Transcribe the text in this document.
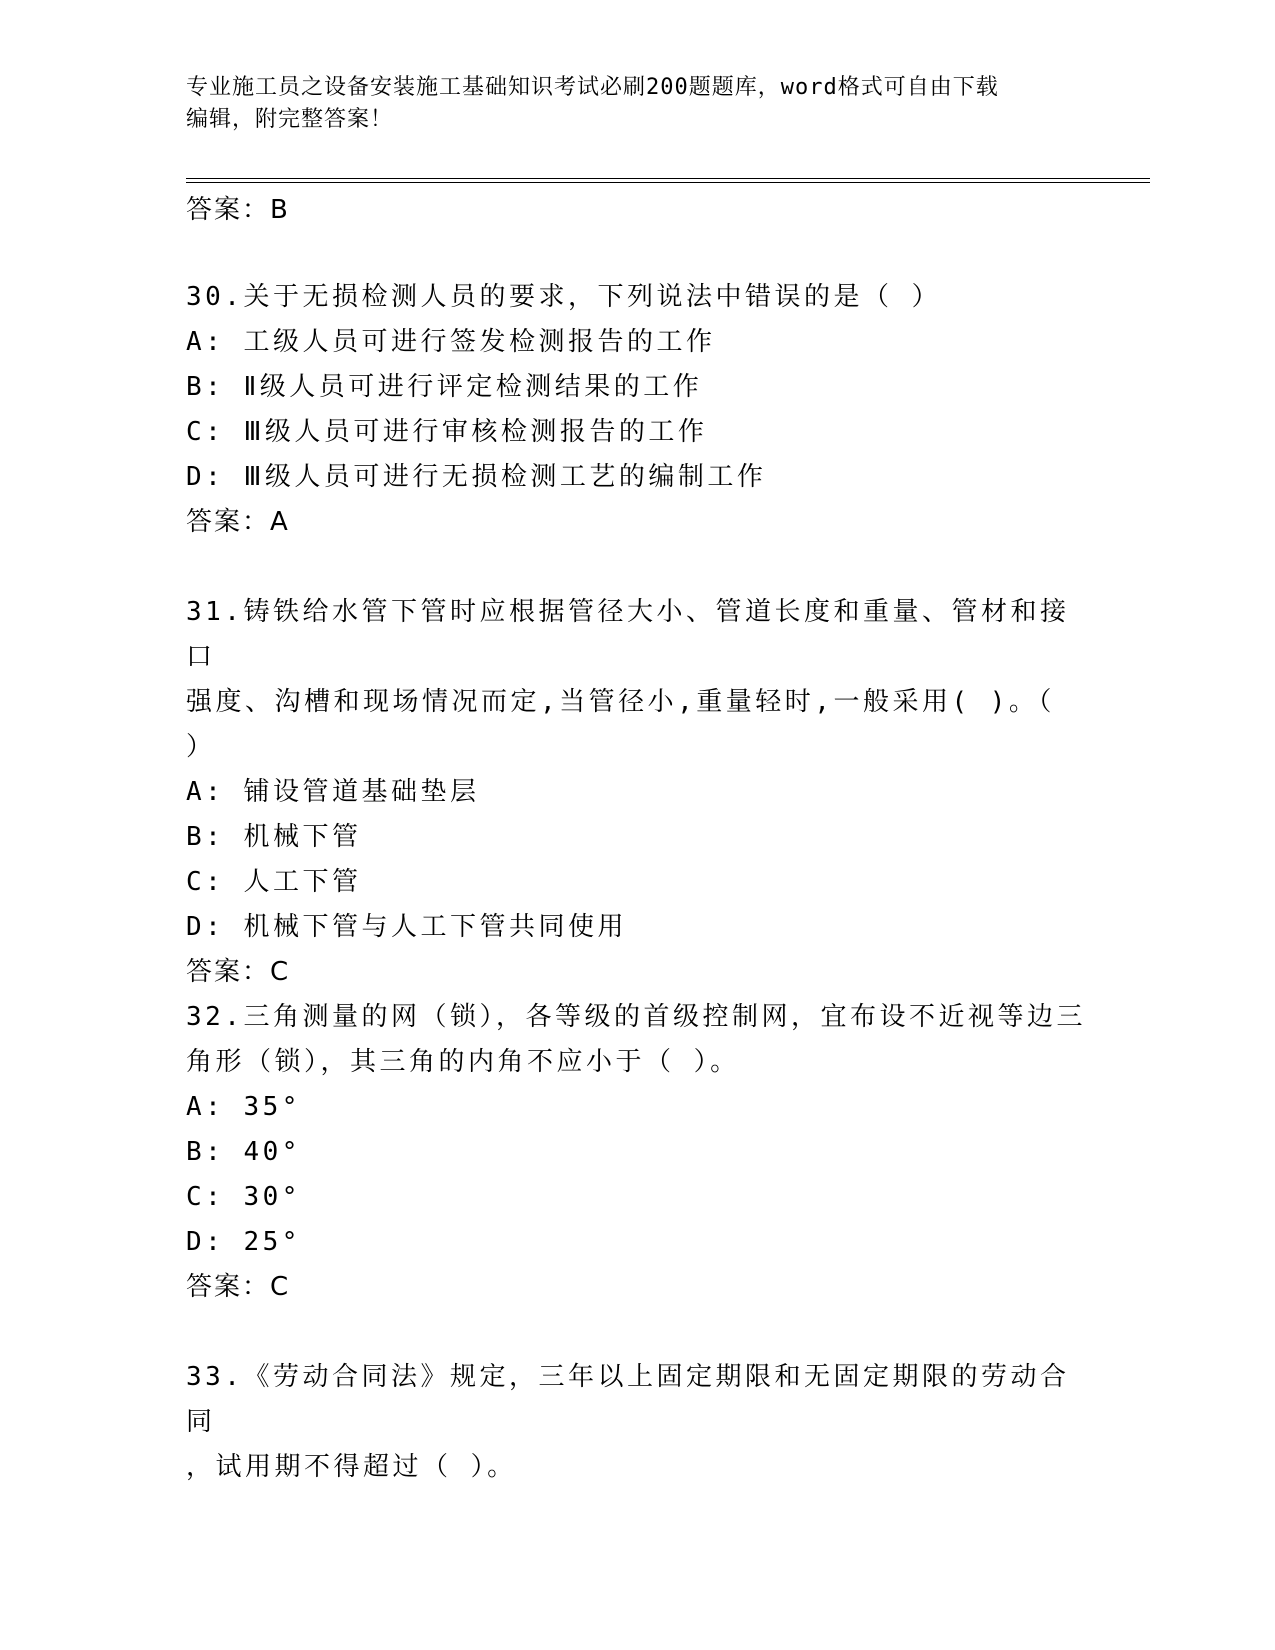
专业施工员之设备安装施工基础知识考试必刷200题题库，word格式可自由下载
编辑，附完整答案！
答案：B
30.关于无损检测人员的要求，下列说法中错误的是（ ）
A: 工级人员可进行签发检测报告的工作
B: Ⅱ级人员可进行评定检测结果的工作
C: Ⅲ级人员可进行审核检测报告的工作
D: Ⅲ级人员可进行无损检测工艺的编制工作
答案：A
31.铸铁给水管下管时应根据管径大小、管道长度和重量、管材和接口
强度、沟槽和现场情况而定,当管径小,重量轻时,一般采用( )。（
）
A: 铺设管道基础垫层
B: 机械下管
C: 人工下管
D: 机械下管与人工下管共同使用
答案：C
32.三角测量的网（锁），各等级的首级控制网，宜布设不近视等边三
角形（锁），其三角的内角不应小于（ ）。
A: 35°
B: 40°
C: 30°
D: 25°
答案：C
33.《劳动合同法》规定，三年以上固定期限和无固定期限的劳动合同
，试用期不得超过（ ）。
